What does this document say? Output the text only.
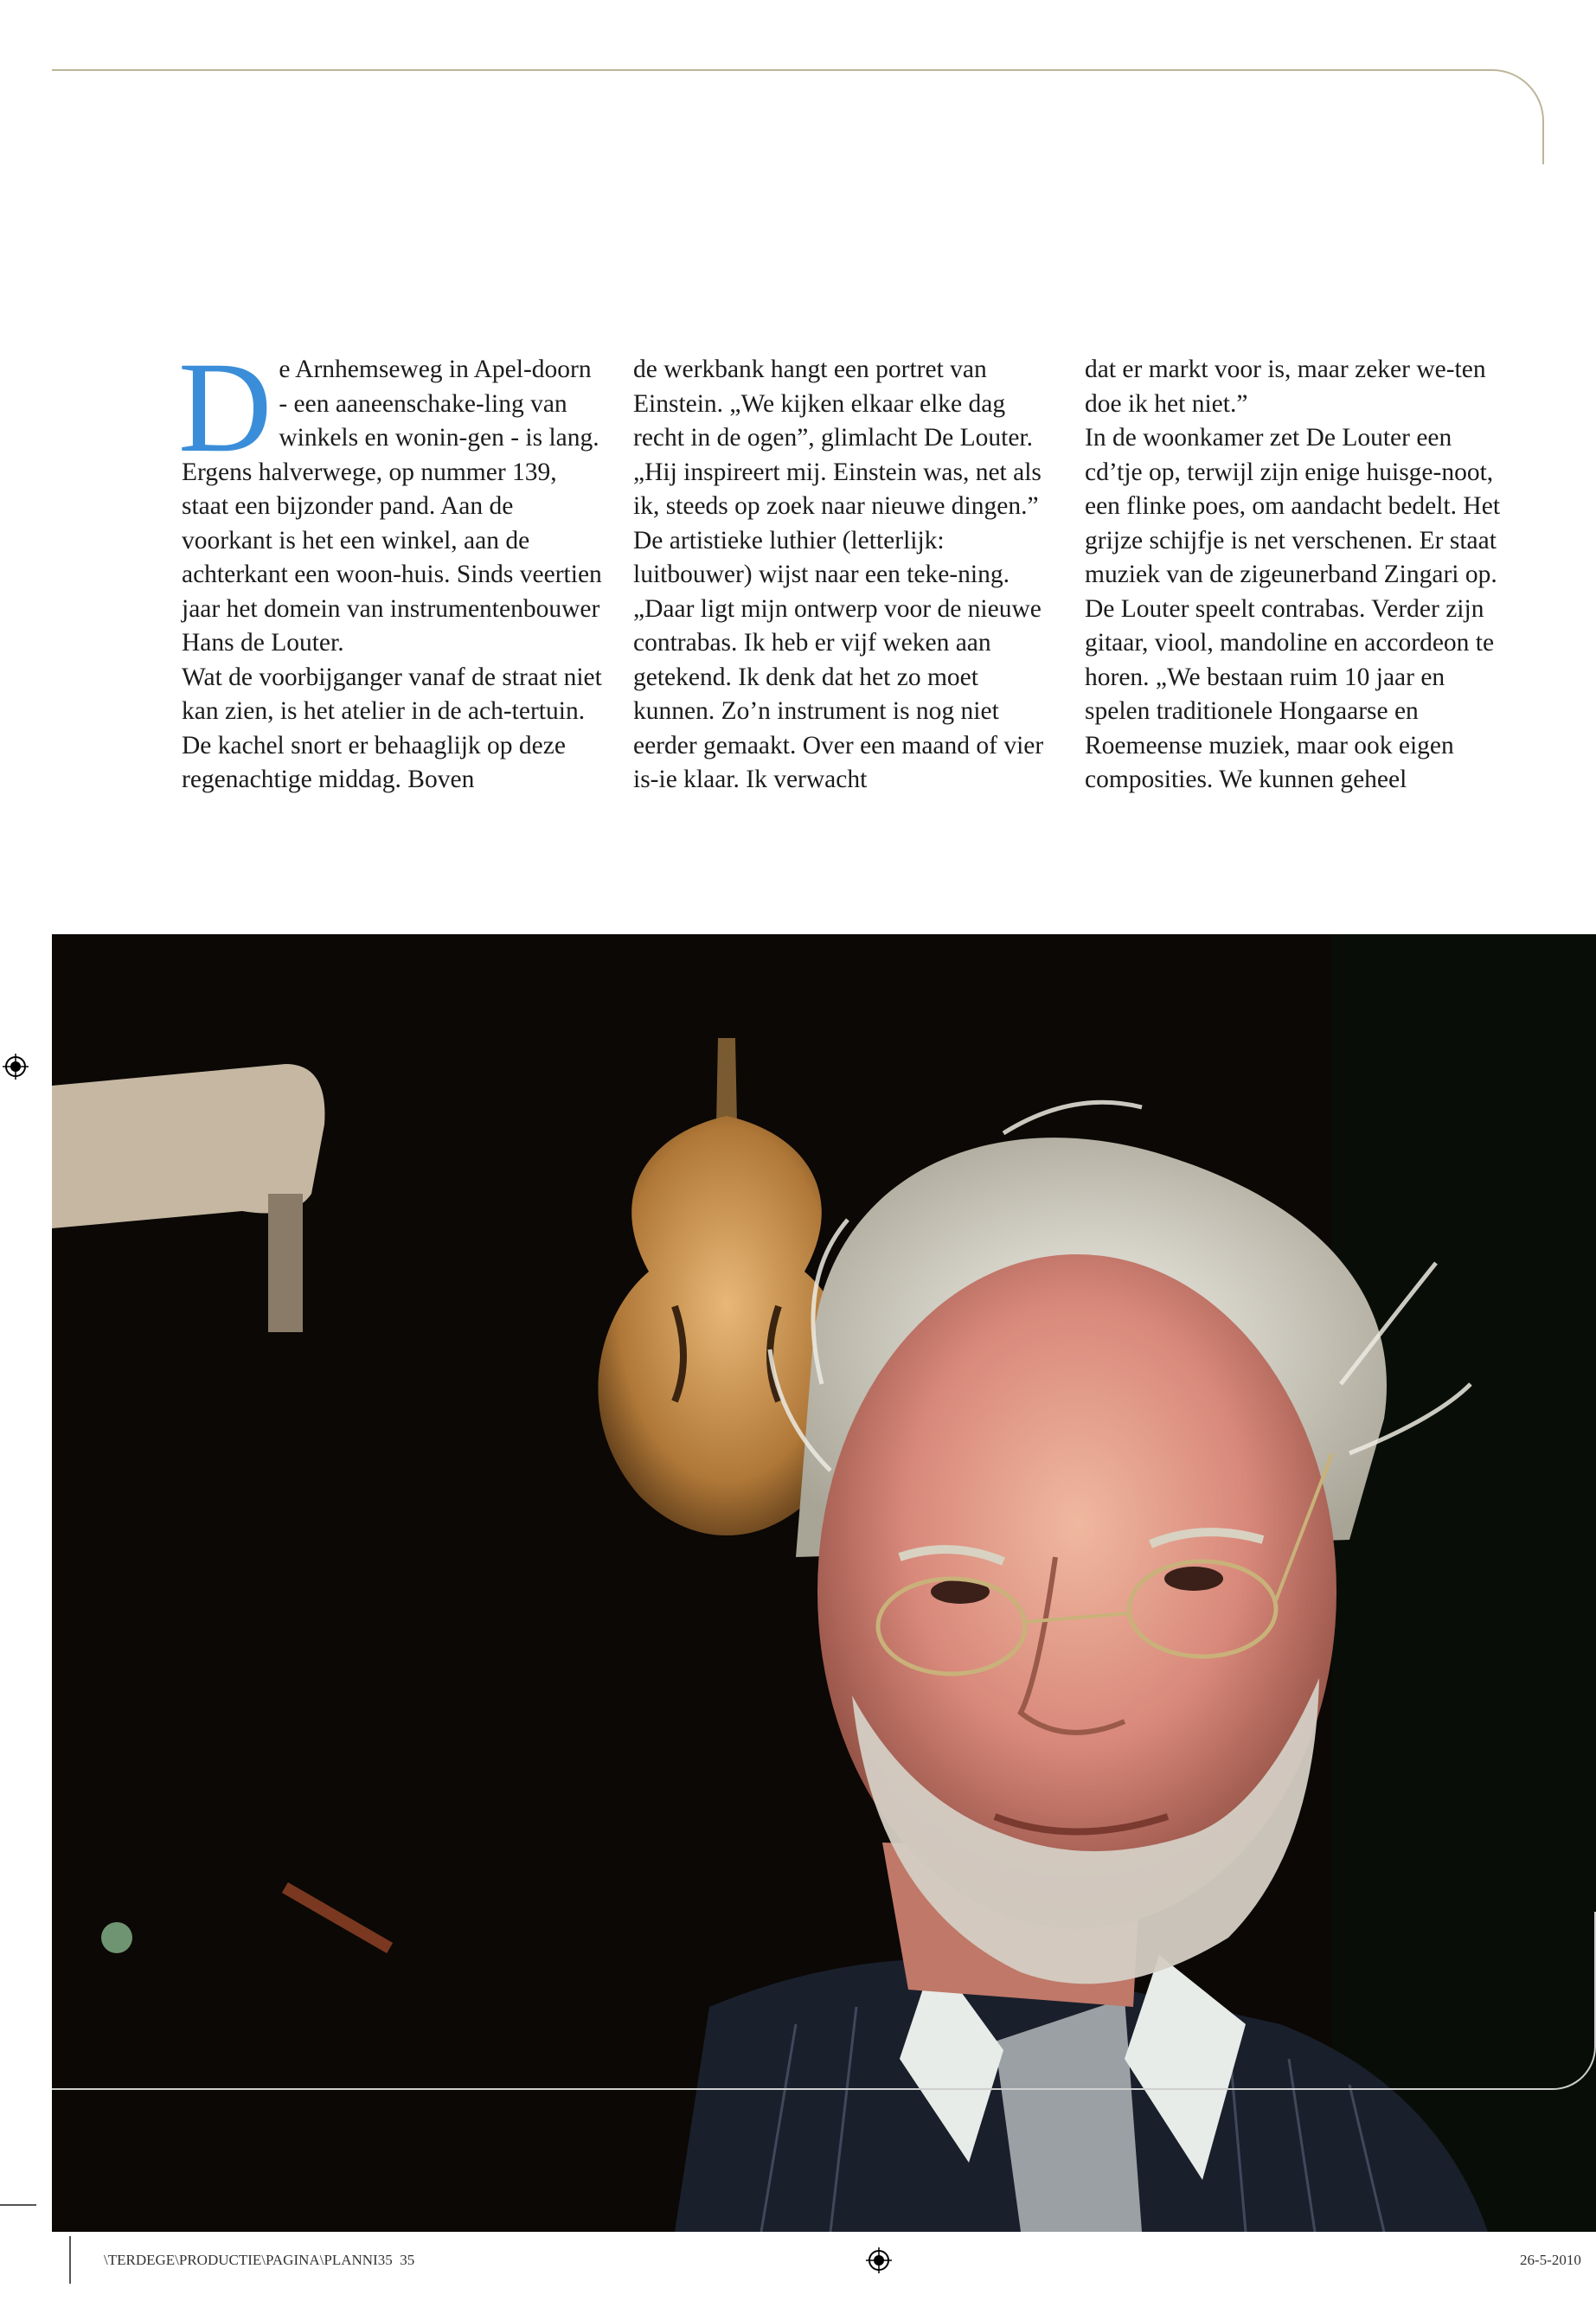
De Arnhemseweg in Apel-doorn - een aaneenschake-ling van winkels en wonin-gen - is lang. Ergens halverwege, op nummer 139, staat een bijzonder pand. Aan de voorkant is het een winkel, aan de achterkant een woon-huis. Sinds veertien jaar het domein van instrumentenbouwer Hans de Louter.

Wat de voorbijganger vanaf de straat niet kan zien, is het atelier in de ach-tertuin. De kachel snort er behaaglijk op deze regenachtige middag. Boven

de werkbank hangt een portret van Einstein. „We kijken elkaar elke dag recht in de ogen”, glimlacht De Louter. „Hij inspireert mij. Einstein was, net als ik, steeds op zoek naar nieuwe dingen.”

De artistieke luthier (letterlijk: luitbouwer) wijst naar een teke-ning. „Daar ligt mijn ontwerp voor de nieuwe contrabas. Ik heb er vijf weken aan getekend. Ik denk dat het zo moet kunnen. Zo’n instrument is nog niet eerder gemaakt. Over een maand of vier is-ie klaar. Ik verwacht

dat er markt voor is, maar zeker we-ten doe ik het niet.”

In de woonkamer zet De Louter een cd’tje op, terwijl zijn enige huisge-noot, een flinke poes, om aandacht bedelt. Het grijze schijfje is net verschenen. Er staat muziek van de zigeunerband Zingari op. De Louter speelt contrabas. Verder zijn gitaar, viool, mandoline en accordeon te horen. „We bestaan ruim 10 jaar en spelen traditionele Hongaarse en Roemeense muziek, maar ook eigen composities. We kunnen geheel

\TERDEGE\PRODUCTIE\PAGINA\PLANNI35 35	26-5-2010
